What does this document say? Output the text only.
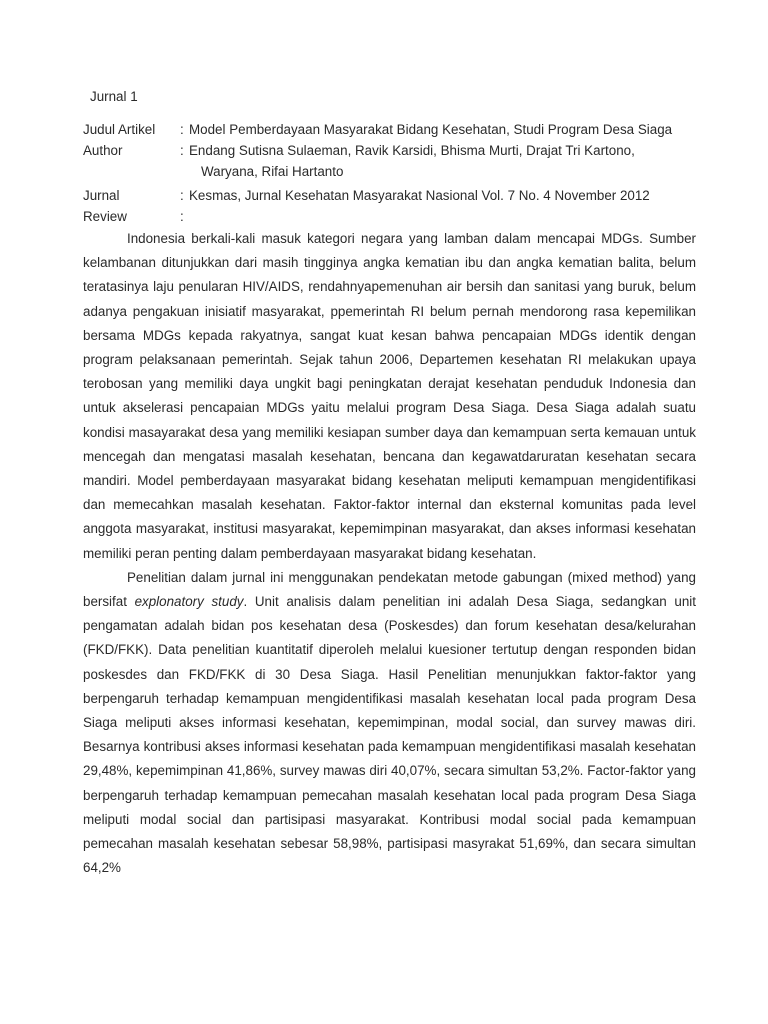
Jurnal 1
Judul Artikel	:	Model Pemberdayaan Masyarakat Bidang Kesehatan, Studi Program Desa Siaga
Author	:	Endang Sutisna Sulaeman, Ravik Karsidi, Bhisma Murti, Drajat Tri Kartono,
Waryana, Rifai Hartanto

Jurnal	:	Kesmas, Jurnal Kesehatan Masyarakat Nasional Vol. 7 No. 4 November 2012
Review	:	

Indonesia berkali-kali masuk kategori negara yang lamban dalam mencapai MDGs. Sumber kelambanan ditunjukkan dari masih tingginya angka kematian ibu dan angka kematian balita, belum teratasinya laju penularan HIV/AIDS, rendahnyapemenuhan air bersih dan sanitasi yang buruk, belum adanya pengakuan inisiatif masyarakat, ppemerintah RI belum pernah mendorong rasa kepemilikan bersama MDGs kepada rakyatnya, sangat kuat kesan bahwa pencapaian MDGs identik dengan program pelaksanaan pemerintah. Sejak tahun 2006, Departemen kesehatan RI melakukan upaya terobosan yang memiliki daya ungkit bagi peningkatan derajat kesehatan penduduk Indonesia dan untuk akselerasi pencapaian MDGs yaitu melalui program Desa Siaga. Desa Siaga adalah suatu kondisi masayarakat desa yang memiliki kesiapan sumber daya dan kemampuan serta kemauan untuk mencegah dan mengatasi masalah kesehatan, bencana dan kegawatdaruratan kesehatan secara mandiri. Model pemberdayaan masyarakat bidang kesehatan meliputi kemampuan mengidentifikasi dan memecahkan masalah kesehatan. Faktor-faktor internal dan eksternal komunitas pada level anggota masyarakat, institusi masyarakat, kepemimpinan masyarakat, dan akses informasi kesehatan memiliki peran penting dalam pemberdayaan masyarakat bidang kesehatan.

Penelitian dalam jurnal ini menggunakan pendekatan metode gabungan (mixed method) yang bersifat explonatory study. Unit analisis dalam penelitian ini adalah Desa Siaga, sedangkan unit pengamatan adalah bidan pos kesehatan desa (Poskesdes) dan forum kesehatan desa/kelurahan (FKD/FKK). Data penelitian kuantitatif diperoleh melalui kuesioner tertutup dengan responden bidan poskesdes dan FKD/FKK di 30 Desa Siaga. Hasil Penelitian menunjukkan faktor-faktor yang berpengaruh terhadap kemampuan mengidentifikasi masalah kesehatan local pada program Desa Siaga meliputi akses informasi kesehatan, kepemimpinan, modal social, dan survey mawas diri. Besarnya kontribusi akses informasi kesehatan pada kemampuan mengidentifikasi masalah kesehatan 29,48%, kepemimpinan 41,86%, survey mawas diri 40,07%, secara simultan 53,2%. Factor-faktor yang berpengaruh terhadap kemampuan pemecahan masalah kesehatan local pada program Desa Siaga meliputi modal social dan partisipasi masyarakat. Kontribusi modal social pada kemampuan pemecahan masalah kesehatan sebesar 58,98%, partisipasi masyrakat 51,69%, dan secara simultan 64,2%
